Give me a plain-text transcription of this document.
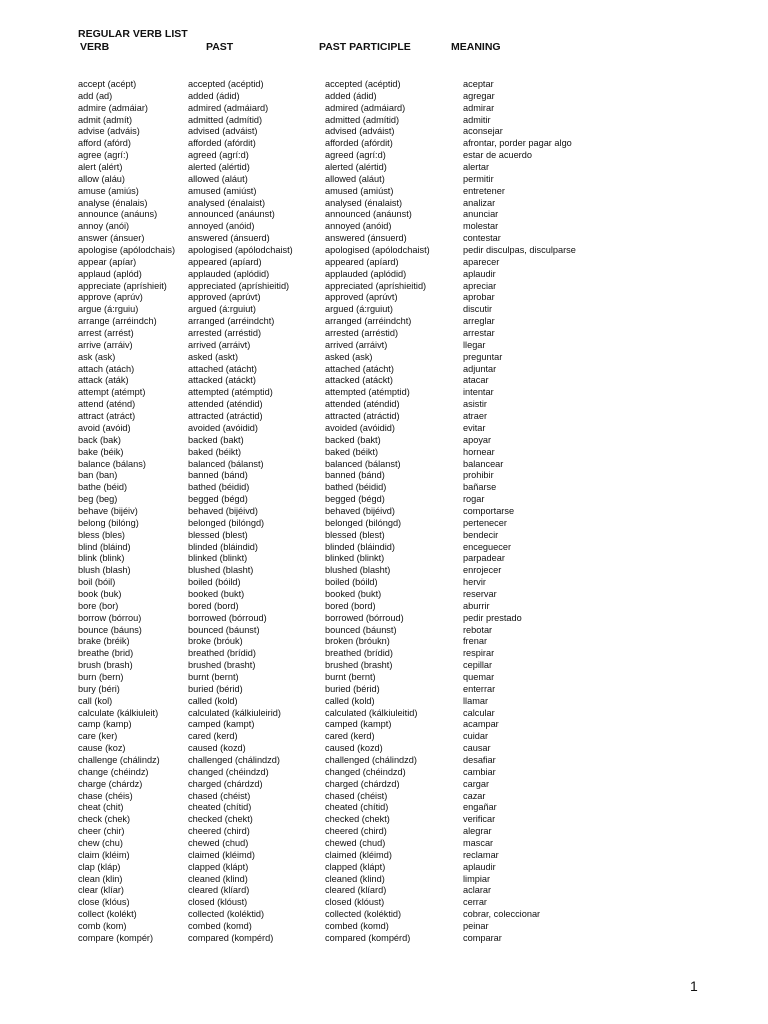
REGULAR VERB LIST
VERB	PAST	PAST PARTICIPLE	MEANING
accept (acépt)	accepted (acéptid)	accepted (acéptid)	aceptar
add (ad)	added (ádid)	added (ádid)	agregar
admire (admáiar)	admired (admáiard)	admired (admáiard)	admirar
admit (admít)	admitted (admítid)	admitted (admítid)	admitir
advise (adváis)	advised (adváist)	advised (adváist)	aconsejar
afford (afórd)	afforded (afórdit)	afforded (afórdit)	afrontar, porder pagar algo
agree (agrí:)	agreed (agrí:d)	agreed (agrí:d)	estar de acuerdo
alert (alért)	alerted (alértid)	alerted (alértid)	alertar
allow (aláu)	allowed (aláut)	allowed (aláut)	permitir
amuse (amiús)	amused (amiúst)	amused (amiúst)	entretener
analyse (énalais)	analysed (énalaist)	analysed (énalaist)	analizar
announce (anáuns)	announced (anáunst)	announced (anáunst)	anunciar
annoy (anói)	annoyed (anóid)	annoyed (anóid)	molestar
answer (ánsuer)	answered (ánsuerd)	answered (ánsuerd)	contestar
apologise (apólodchais) apologised (apólodchaist)	apologised (apólodchaist)	pedir disculpas, disculparse
appear (apíar)	appeared (apíard)	appeared (apíard)	aparecer
applaud (aplód)	applauded (aplódid)	applauded (aplódid)	aplaudir
appreciate (apríshieit) appreciated (apríshieitid)	appreciated (apríshieitid)	apreciar
approve (aprúv)	approved (aprúvt)	approved (aprúvt)	aprobar
argue (á:rguiu)	argued (á:rguiut)	argued (á:rguiut)	discutir
arrange (arréindch)	arranged (arréindcht)	arranged (arréindcht)	arreglar
arrest (arrést)	arrested (arréstid)	arrested (arréstid)	arrestar
arrive (arráiv)	arrived (arráivt)	arrived (arráivt)	llegar
ask (ask)	asked (askt)	asked (ask)	preguntar
attach (atách)	attached (atácht)	attached (atácht)	adjuntar
attack (aták)	attacked (atáckt)	attacked (atáckt)	atacar
attempt (atémpt)	attempted (atémptid)	attempted (atémptid)	intentar
attend (aténd)	attended (aténdid)	attended (aténdid)	asistir
attract (atráct)	attracted (atráctid)	attracted (atráctid)	atraer
avoid (avóid)	avoided (avóidid)	avoided (avóidid)	evitar
back (bak)	backed (bakt)	backed (bakt)	apoyar
bake (béik)	baked (béikt)	baked (béikt)	hornear
balance (bálans)	balanced (bálanst)	balanced (bálanst)	balancear
ban (ban)	banned (bánd)	banned (bánd)	prohibir
bathe (béid)	bathed (béidid)	bathed (béidid)	bañarse
beg (beg)	begged (bégd)	begged (bégd)	rogar
behave (bijéiv)	behaved (bijéivd)	behaved (bijéivd)	comportarse
belong (bilóng)	belonged (bilóngd)	belonged (bilóngd)	pertenecer
bless (bles)	blessed (blest)	blessed (blest)	bendecir
blind (bláind)	blinded (bláindid)	blinded (bláindid)	enceguecer
blink (blink)	blinked (blinkt)	blinked (blinkt)	parpadear
blush (blash)	blushed (blasht)	blushed (blasht)	enrojecer
boil (bóil)	boiled (bóild)	boiled (bóild)	hervir
book (buk)	booked (bukt)	booked (bukt)	reservar
bore (bor)	bored (bord)	bored (bord)	aburrir
borrow (bórrou)	borrowed (bórroud)	borrowed (bórroud)	pedir prestado
bounce (báuns)	bounced (báunst)	bounced (báunst)	rebotar
brake (bréik)	broke (bróuk)	broken (bróukn)	frenar
breathe (brid)	breathed (brídid)	breathed (brídid)	respirar
brush (brash)	brushed (brasht)	brushed (brasht)	cepillar
burn (bern)	burnt (bernt)	burnt (bernt)	quemar
bury (béri)	buried (bérid)	buried (bérid)	enterrar
call (kol)	called (kold)	called (kold)	llamar
calculate (kálkiuleit)	calculated (kálkiuleirid)	calculated (kálkiuleitid)	calcular
camp (kamp)	camped (kampt)	camped (kampt)	acampar
care (ker)	cared (kerd)	cared (kerd)	cuidar
cause (koz)	caused (kozd)	caused (kozd)	causar
challenge (chálindz)	challenged (chálindzd)	challenged (chálindzd)	desafiar
change (chéindz)	changed (chéindzd)	changed (chéindzd)	cambiar
charge (chárdz)	charged (chárdzd)	charged (chárdzd)	cargar
chase (chéis)	chased (chéist)	chased (chéist)	cazar
cheat (chit)	cheated (chítid)	cheated (chítid)	engañar
check (chek)	checked (chekt)	checked (chekt)	verificar
cheer (chir)	cheered (chird)	cheered (chird)	alegrar
chew (chu)	chewed (chud)	chewed (chud)	mascar
claim (kléim)	claimed (kléimd)	claimed (kléimd)	reclamar
clap (kláp)	clapped (klápt)	clapped (klápt)	aplaudir
clean (klin)	cleaned (klind)	cleaned (klind)	limpiar
clear (klíar)	cleared (klíard)	cleared (klíard)	aclarar
close (klóus)	closed (klóust)	closed (klóust)	cerrar
collect (kolékt)	collected (koléktid)	collected (koléktid)	cobrar, coleccionar
comb (kom)	combed (komd)	combed (komd)	peinar
compare (kompér)	compared (kompérd)	compared (kompérd)	comparar
1
